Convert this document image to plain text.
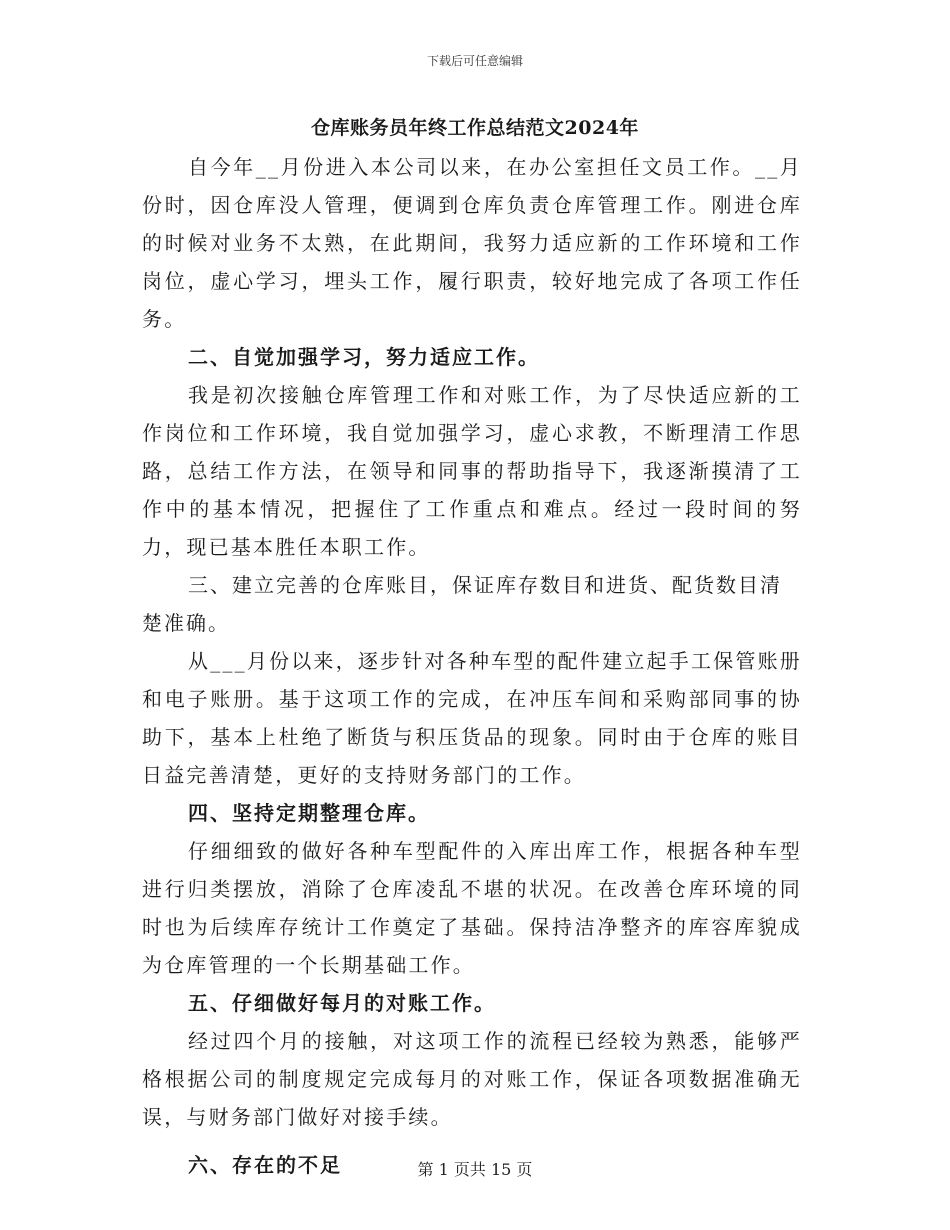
下载后可任意编辑
仓库账务员年终工作总结范文2024年

自今年__月份进入本公司以来，在办公室担任文员工作。__月份时，因仓库没人管理，便调到仓库负责仓库管理工作。刚进仓库的时候对业务不太熟，在此期间，我努力适应新的工作环境和工作岗位，虚心学习，埋头工作，履行职责，较好地完成了各项工作任务。

二、自觉加强学习，努力适应工作。

我是初次接触仓库管理工作和对账工作，为了尽快适应新的工作岗位和工作环境，我自觉加强学习，虚心求教，不断理清工作思路，总结工作方法，在领导和同事的帮助指导下，我逐渐摸清了工作中的基本情况，把握住了工作重点和难点。经过一段时间的努力，现已基本胜任本职工作。

三、建立完善的仓库账目，保证库存数目和进货、配货数目清楚准确。

从___月份以来，逐步针对各种车型的配件建立起手工保管账册和电子账册。基于这项工作的完成，在冲压车间和采购部同事的协助下，基本上杜绝了断货与积压货品的现象。同时由于仓库的账目日益完善清楚，更好的支持财务部门的工作。

四、坚持定期整理仓库。

仔细细致的做好各种车型配件的入库出库工作，根据各种车型进行归类摆放，消除了仓库凌乱不堪的状况。在改善仓库环境的同时也为后续库存统计工作奠定了基础。保持洁净整齐的库容库貌成为仓库管理的一个长期基础工作。

五、仔细做好每月的对账工作。

经过四个月的接触，对这项工作的流程已经较为熟悉，能够严格根据公司的制度规定完成每月的对账工作，保证各项数据准确无误，与财务部门做好对接手续。

六、存在的不足	第 1 页共 15 页
